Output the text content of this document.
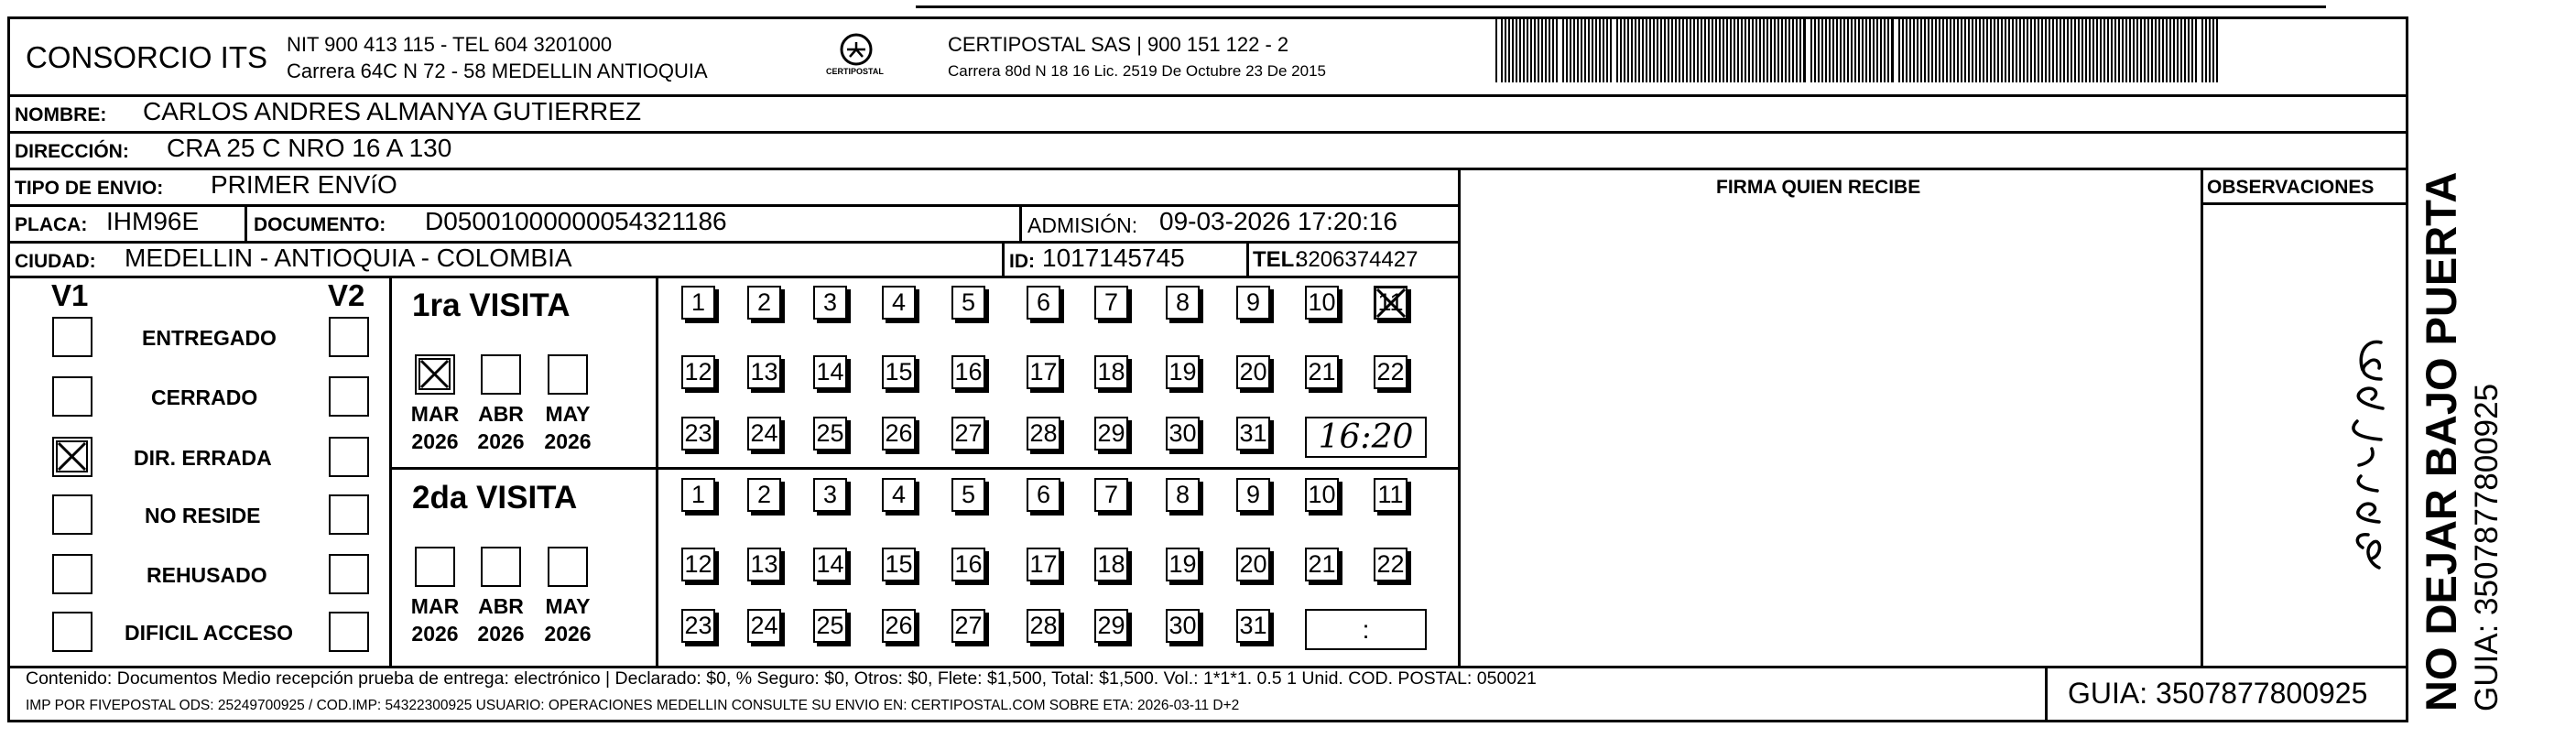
CONSORCIO ITS NIT 900 413 115 - TEL 604 3201000
Carrera 64C N 72 - 58 MEDELLIN ANTIOQUIA	CERTIPOSTAL
CERTIPOSTAL SAS | 900 151 122 - 2
Carrera 80d N 18 16 Lic. 2519 De Octubre 23 De 2015
NOMBRE: CARLOS ANDRES ALMANYA GUTIERREZ
DIRECCIÓN: CRA 25 C NRO 16 A 130
TIPO DE ENVIO: PRIMER ENVíO	FIRMA QUIEN RECIBE	OBSERVACIONES
PLACA: IHM96E	DOCUMENTO: D05001000000054321186	ADMISIÓN: 09-03-2026 17:20:16
CIUDAD: MEDELLIN - ANTIOQUIA - COLOMBIA	ID: 1017145745	TEL:
3206374427
V1	V2
ENTREGADO
CERRADO
DIR. ERRADA
NO RESIDE
REHUSADO
DIFICIL ACCESO
1ra VISITA
MAR
2026
ABR
2026
MAY
2026
1 2 3 4 5 6 7 8 9 10 11
12 13 14 15 16 17 18 19 20 21 22
23 24 25 26 27 28 29 30 31 16:20
2da VISITA
MAR
2026
ABR
2026
MAY
2026
1 2 3 4 5 6 7 8 9 10 11
12 13 14 15 16 17 18 19 20 21 22
23 24 25 26 27 28 29 30 31	:	NO DEJAR BAJO PUERTA GUIA: 3507877800925
Contenido: Documentos Medio recepción prueba de entrega: electrónico | Declarado: $0, % Seguro: $0, Otros: $0, Flete: $1,500, Total: $1,500. Vol.: 1*1*1. 0.5 1 Unid. COD. POSTAL: 050021
IMP POR FIVEPOSTAL ODS: 25249700925 / COD.IMP: 54322300925 USUARIO: OPERACIONES MEDELLIN CONSULTE SU ENVIO EN: CERTIPOSTAL.COM SOBRE ETA: 2026-03-11 D+2	GUIA: 3507877800925
